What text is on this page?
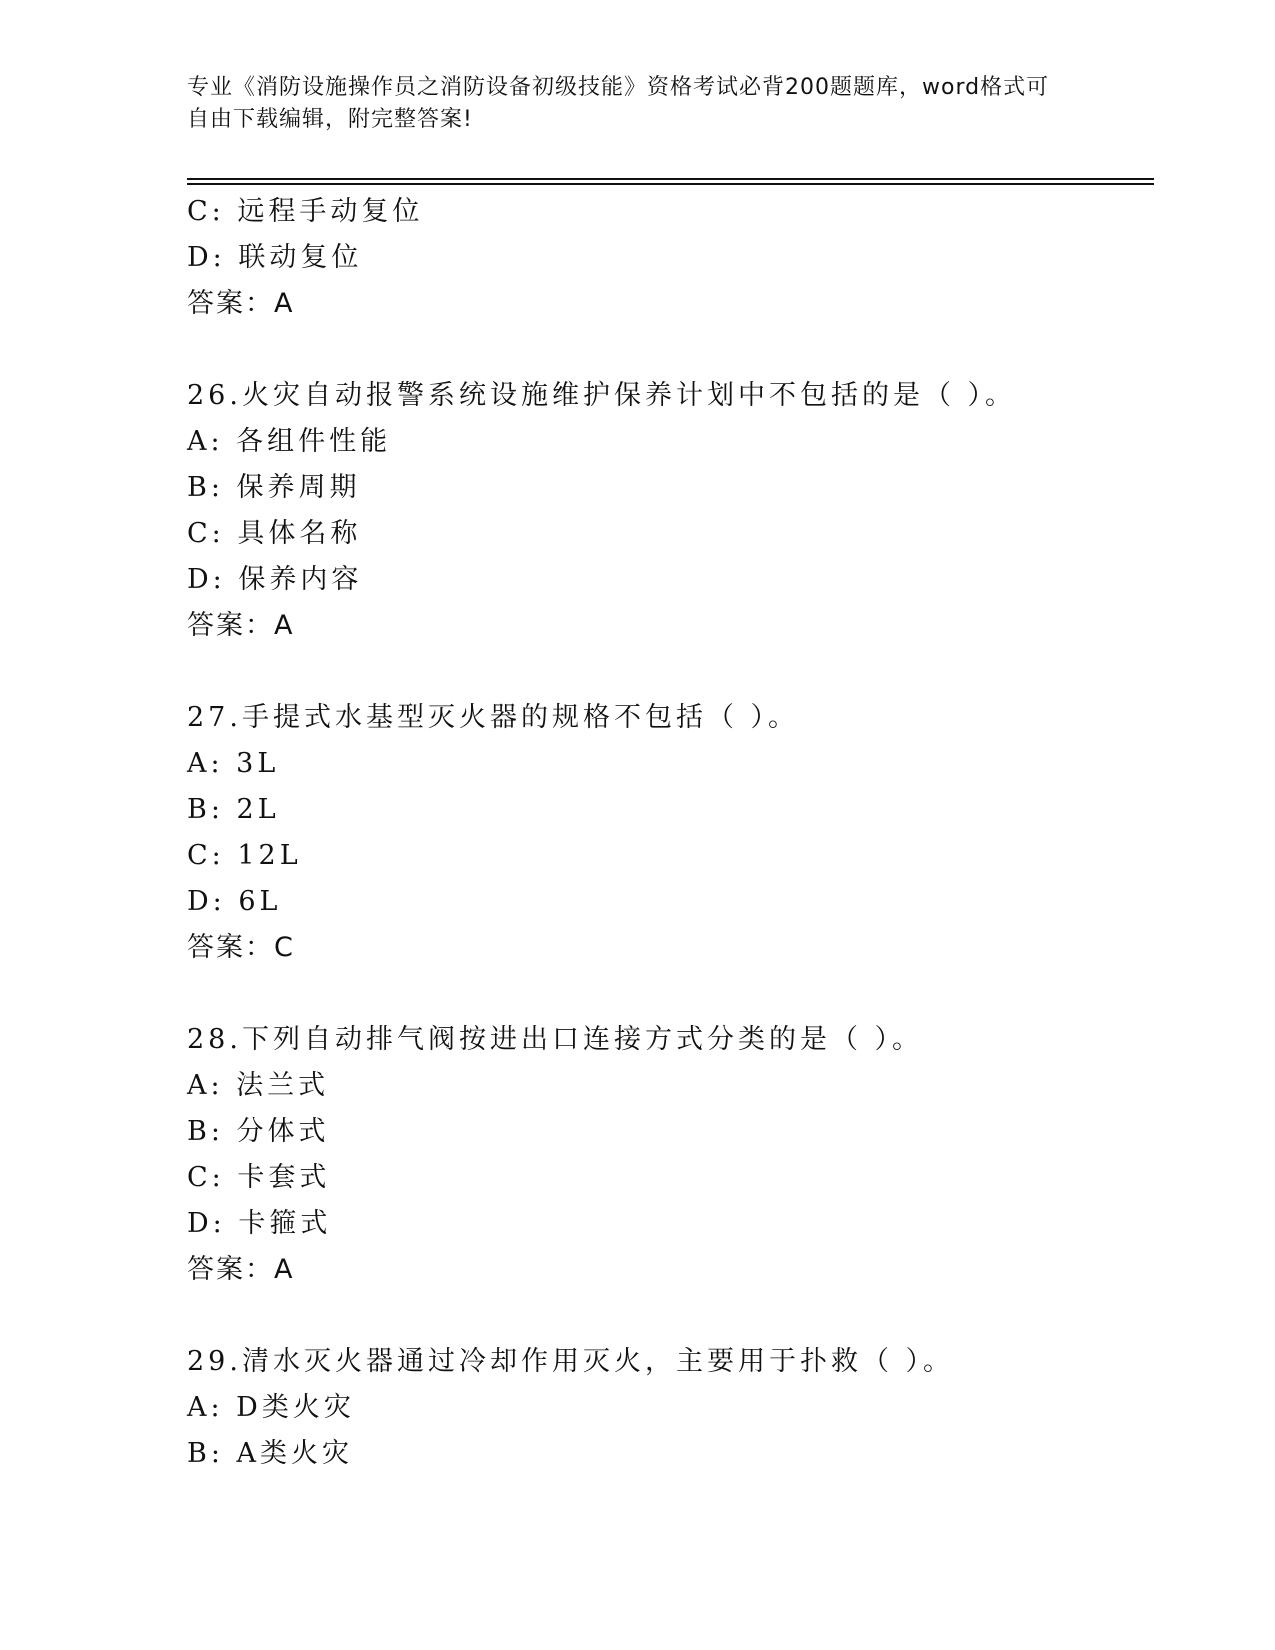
专业《消防设施操作员之消防设备初级技能》资格考试必背200题题库，word格式可自由下载编辑，附完整答案!
C: 远程手动复位
D: 联动复位
答案：A
26.火灾自动报警系统设施维护保养计划中不包括的是（ ）。
A: 各组件性能
B: 保养周期
C: 具体名称
D: 保养内容
答案：A
27.手提式水基型灭火器的规格不包括（ ）。
A: 3L
B: 2L
C: 12L
D: 6L
答案：C
28.下列自动排气阀按进出口连接方式分类的是（ ）。
A: 法兰式
B: 分体式
C: 卡套式
D: 卡箍式
答案：A
29.清水灭火器通过冷却作用灭火，主要用于扑救（ ）。
A: D类火灾
B: A类火灾
